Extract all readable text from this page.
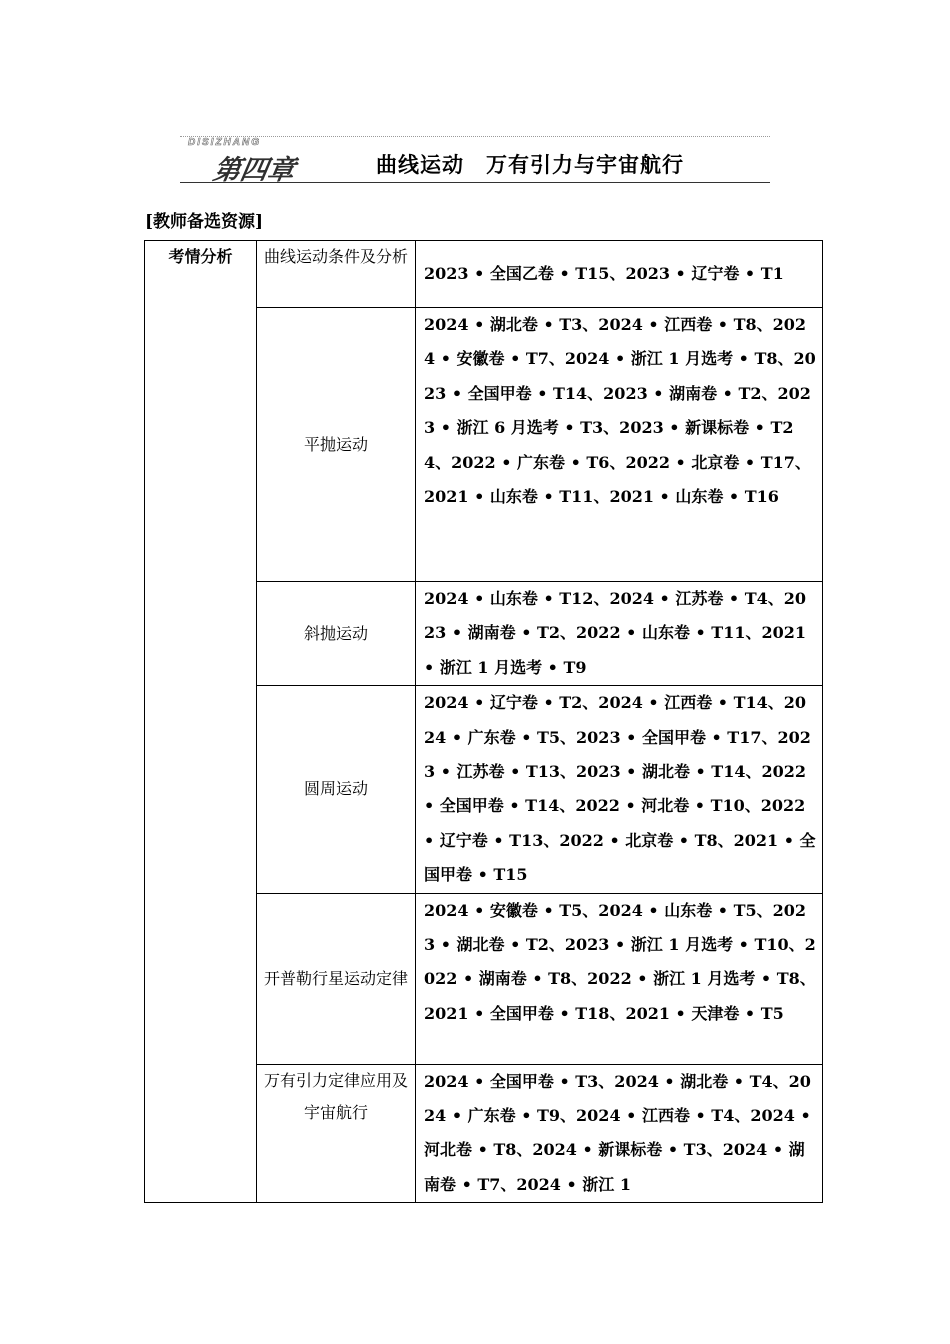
DISIZHANG
第四章	曲线运动　万有引力与宇宙航行
[教师备选资源]
考情分析	曲线运动条件及分析	2023 • 全国乙卷 • T15、2023 • 辽宁卷 • T1
	平抛运动	2024 • 湖北卷 • T3、2024 • 江西卷 • T8、2024 • 安徽卷 • T7、2024 • 浙江 1 月选考 • T8、2023 • 全国甲卷 • T14、2023 • 湖南卷 • T2、2023 • 浙江 6 月选考 • T3、2023 • 新课标卷 • T24、2022 • 广东卷 • T6、2022 • 北京卷 • T17、2021 • 山东卷 • T11、2021 • 山东卷 • T16
	斜抛运动	2024 • 山东卷 • T12、2024 • 江苏卷 • T4、2023 • 湖南卷 • T2、2022 • 山东卷 • T11、2021 • 浙江 1 月选考 • T9
	圆周运动	2024 • 辽宁卷 • T2、2024 • 江西卷 • T14、2024 • 广东卷 • T5、2023 • 全国甲卷 • T17、2023 • 江苏卷 • T13、2023 • 湖北卷 • T14、2022 • 全国甲卷 • T14、2022 • 河北卷 • T10、2022 • 辽宁卷 • T13、2022 • 北京卷 • T8、2021 • 全国甲卷 • T15
	开普勒行星运动定律	2024 • 安徽卷 • T5、2024 • 山东卷 • T5、2023 • 湖北卷 • T2、2023 • 浙江 1 月选考 • T10、2022 • 湖南卷 • T8、2022 • 浙江 1 月选考 • T8、2021 • 全国甲卷 • T18、2021 • 天津卷 • T5
	万有引力定律应用及宇宙航行	2024 • 全国甲卷 • T3、2024 • 湖北卷 • T4、2024 • 广东卷 • T9、2024 • 江西卷 • T4、2024 • 河北卷 • T8、2024 • 新课标卷 • T3、2024 • 湖南卷 • T7、2024 • 浙江 1
